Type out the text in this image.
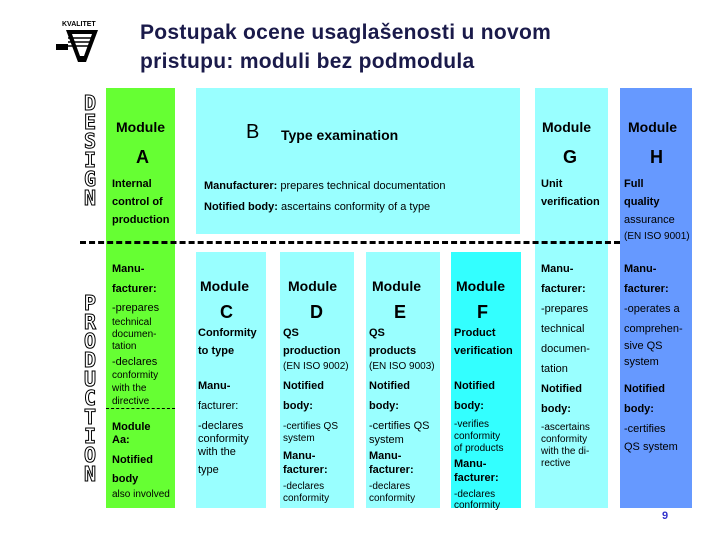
KVALITET Postupak ocene usaglašenosti u novom
pristupu: moduli bez podmodula
D
E
S
I
G
N
P
R
O
D
U
C
T
I
O
N
Module
A
Internal
control of
production
Manu-
facturer:
-prepares
technical
documen-
tation
-declares
conformity
with the
directive
Module
Aa:
Notified
body
also involved
B Type examination
Manufacturer: prepares technical documentation
Notified body: ascertains conformity of a type
Module
G
Unit
verification
Manu-
facturer:
-prepares
technical
documen-
tation
Notified
body:
-ascertains
conformity
with the di-
rective
Module
H
Full
quality
assurance
(EN ISO 9001)
Manu-
facturer:
-operates a
comprehen-
sive QS
system
Notified
body:
-certifies
QS system
Module
C
Conformity
to type
Manu-
facturer:
-declares
conformity
with the
type
Module
D
QS
production
(EN ISO 9002)
Notified
body:
-certifies QS
system
Manu-
facturer:
-declares
conformity
Module
E
QS
products
(EN ISO 9003)
Notified
body:
-certifies QS
system
Manu-
facturer:
-declares
conformity
Module
F
Product
verification
Notified
body:
-verifies
conformity
of products
Manu-
facturer:
-declares
conformity
9
